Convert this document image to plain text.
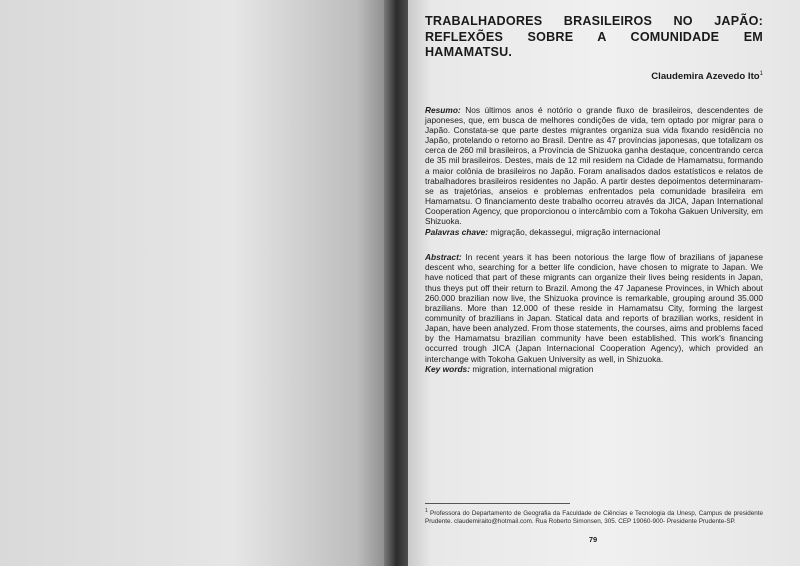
TRABALHADORES BRASILEIROS NO JAPÃO:
REFLEXÕES SOBRE A COMUNIDADE EM
HAMAMATSU.
Claudemira Azevedo Ito$^1$

Resumo: Nos últimos anos é notório o grande fluxo de brasileiros, descendentes de japoneses, que, em busca de melhores condições de vida, tem optado por migrar para o Japão. Constata-se que parte destes migrantes organiza sua vida fixando residência no Japão, protelando o retorno ao Brasil. Dentre as 47 províncias japonesas, que totalizam os cerca de 260 mil brasileiros, a Província de Shizuoka ganha destaque, concentrando cerca de 35 mil brasileiros. Destes, mais de 12 mil residem na Cidade de Hamamatsu, formando a maior colônia de brasileiros no Japão. Foram analisados dados estatísticos e relatos de trabalhadores brasileiros residentes no Japão. A partir destes depoimentos determinaram-se as trajetórias, anseios e problemas enfrentados pela comunidade brasileira em Hamamatsu. O financiamento deste trabalho ocorreu através da JICA, Japan International Cooperation Agency, que proporcionou o intercâmbio com a Tokoha Gakuen University, em Shizuoka.

Palavras chave: migração, dekassegui, migração internacional

Abstract: In recent years it has been notorious the large flow of brazilians of japanese descent who, searching for a better life condicion, have chosen to migrate to Japan. We have noticed that part of these migrants can organize their lives being residents in Japan, thus theys put off their return to Brazil. Among the 47 Japanese Provinces, in Which about 260.000 brazilian now live, the Shizuoka province is remarkable, grouping around 35.000 brazilians. More than 12.000 of these reside in Hamamatsu City, forming the largest community of brazilians in Japan. Statical data and reports of brazilian works, resident in Japan, have been analyzed. From those statements, the courses, aims and problems faced by the Hamamatsu brazilian community have been established. This work's financing occurred trough JICA (Japan Internacional Cooperation Agency), which provided an interchange with Tokoha Gakuen University as well, in Shizuoka.

Key words: migration, international migration

$^1$ Professora do Departamento de Geografia da Faculdade de Ciências e Tecnologia da Unesp, Campus de presidente Prudente. claudemiraito@hotmail.com. Rua Roberto Simonsen, 305. CEP 19060-900- Presidente Prudente-SP.
79
